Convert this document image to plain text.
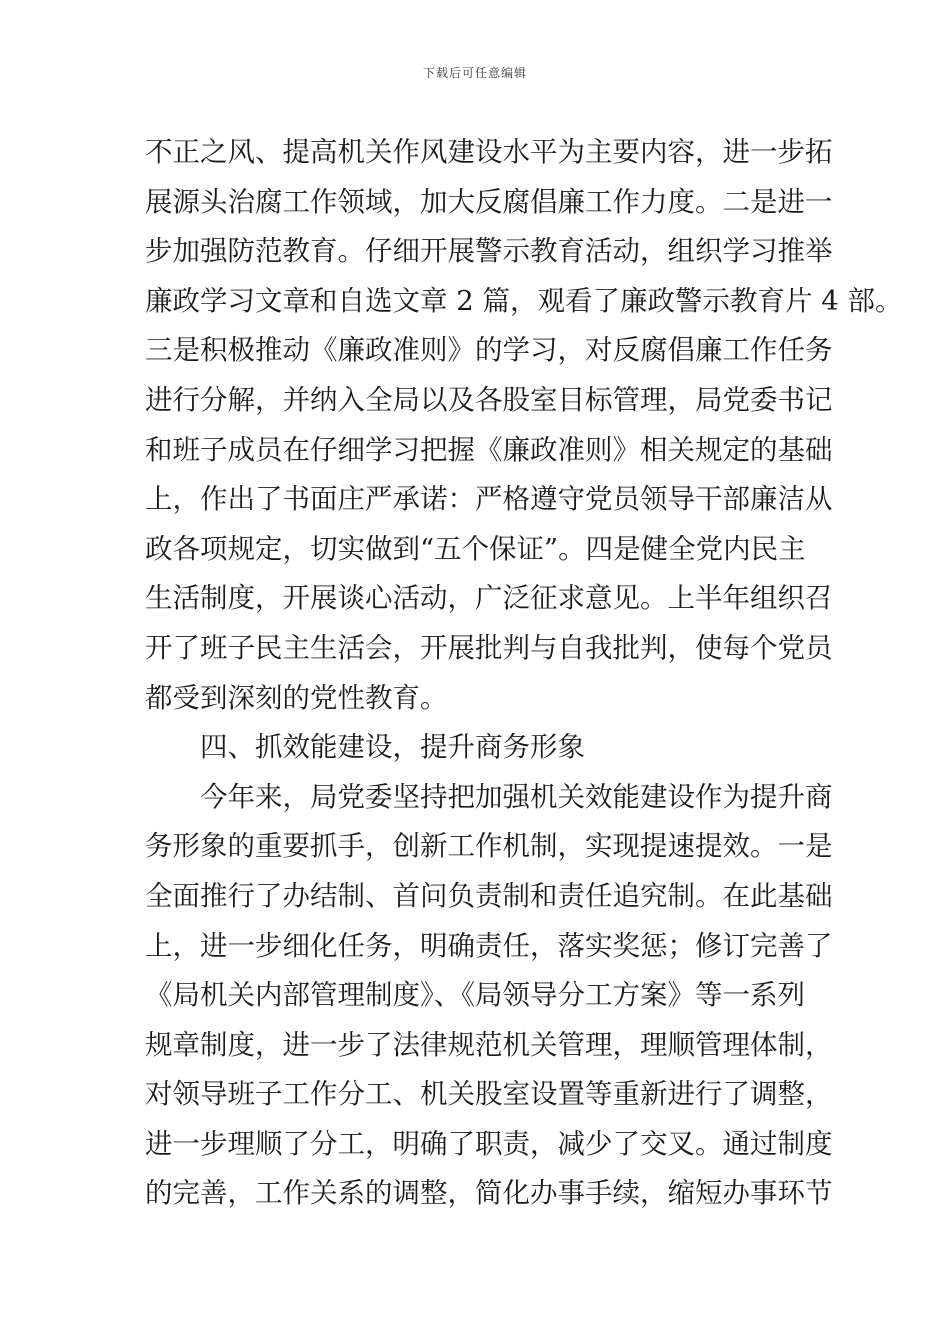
下载后可任意编辑
不正之风、提高机关作风建设水平为主要内容，进一步拓
展源头治腐工作领域，加大反腐倡廉工作力度。二是进一
步加强防范教育。仔细开展警示教育活动，组织学习推举
廉政学习文章和自选文章 2 篇，观看了廉政警示教育片 4 部。
三是积极推动《廉政准则》的学习，对反腐倡廉工作任务
进行分解，并纳入全局以及各股室目标管理，局党委书记
和班子成员在仔细学习把握《廉政准则》相关规定的基础
上，作出了书面庄严承诺：严格遵守党员领导干部廉洁从
政各项规定，切实做到“五个保证”。四是健全党内民主
生活制度，开展谈心活动，广泛征求意见。上半年组织召
开了班子民主生活会，开展批判与自我批判，使每个党员
都受到深刻的党性教育。
四、抓效能建设，提升商务形象
今年来，局党委坚持把加强机关效能建设作为提升商
务形象的重要抓手，创新工作机制，实现提速提效。一是
全面推行了办结制、首问负责制和责任追究制。在此基础
上，进一步细化任务，明确责任，落实奖惩；修订完善了
《局机关内部管理制度》、《局领导分工方案》等一系列
规章制度，进一步了法律规范机关管理，理顺管理体制，
对领导班子工作分工、机关股室设置等重新进行了调整，
进一步理顺了分工，明确了职责，减少了交叉。通过制度
的完善，工作关系的调整，简化办事手续，缩短办事环节
